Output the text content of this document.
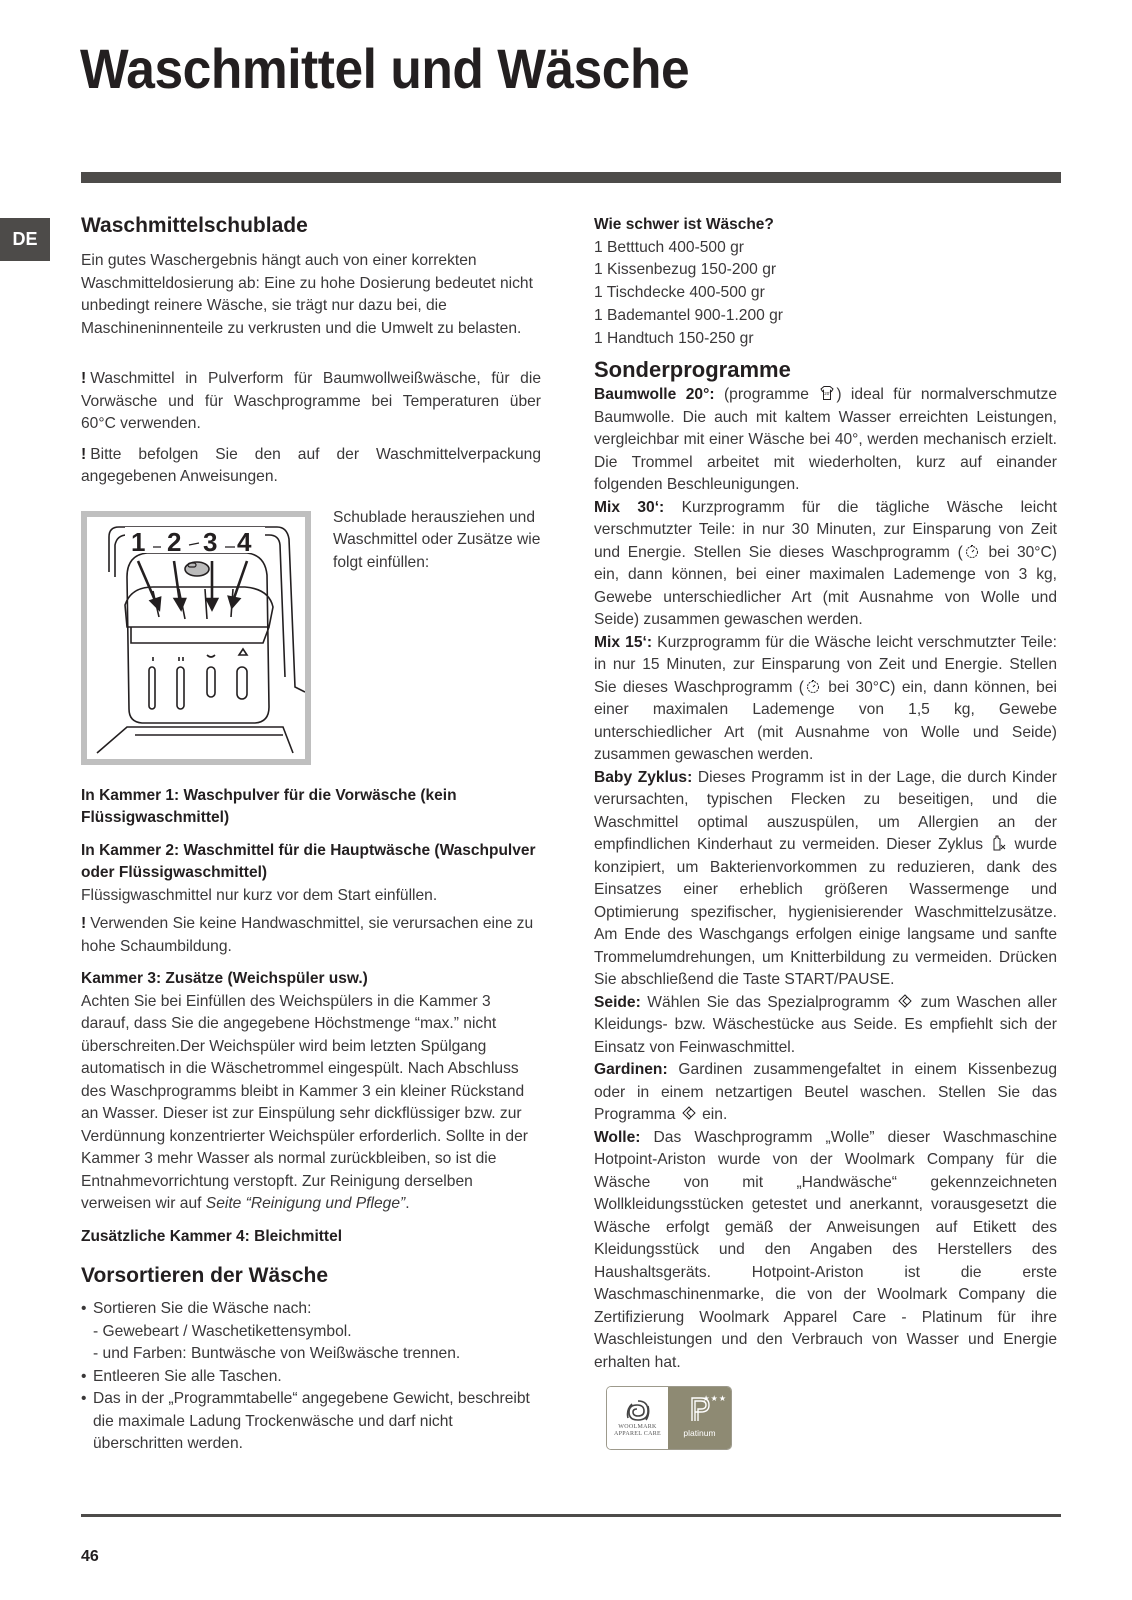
Waschmittel und Wäsche
DE
Waschmittelschublade

Ein gutes Waschergebnis hängt auch von einer korrekten Waschmitteldosierung ab: Eine zu hohe Dosierung bedeutet nicht unbedingt reinere Wäsche, sie trägt nur dazu bei, die Maschineninnenteile zu verkrusten und die Umwelt zu belasten.

! Waschmittel in Pulverform für Baumwollweißwäsche, für die Vorwäsche und für Waschprogramme bei Temperaturen über 60°C verwenden.

! Bitte befolgen Sie den auf der Waschmittelverpackung angegebenen Anweisungen.

1 2 3 4

Schublade herausziehen und Waschmittel oder Zusätze wie folgt einfüllen:

In Kammer 1: Waschpulver für die Vorwäsche (kein Flüssigwaschmittel)
In Kammer 2: Waschmittel für die Hauptwäsche (Waschpulver oder Flüssigwaschmittel)

Flüssigwaschmittel nur kurz vor dem Start einfüllen.

! Verwenden Sie keine Handwaschmittel, sie verursachen eine zu hohe Schaumbildung.

Kammer 3: Zusätze (Weichspüler usw.)

Achten Sie bei Einfüllen des Weichspülers in die Kammer 3 darauf, dass Sie die angegebene Höchstmenge “max.” nicht überschreiten.Der Weichspüler wird beim letzten Spülgang automatisch in die Wäschetrommel eingespült. Nach Abschluss des Waschprogramms bleibt in Kammer 3 ein kleiner Rückstand an Wasser. Dieser ist zur Einspülung sehr dickflüssiger bzw. zur Verdünnung konzentrierter Weichspüler erforderlich. Sollte in der Kammer 3 mehr Wasser als normal zurückbleiben, so ist die Entnahmevorrichtung verstopft. Zur Reinigung derselben verweisen wir auf Seite “Reinigung und Pflege”.

Zusätzliche Kammer 4: Bleichmittel
Vorsortieren der Wäsche
• Sortieren Sie die Wäsche nach:
- Gewebeart / Waschetikettensymbol.
- und Farben: Buntwäsche von Weißwäsche trennen.
• Entleeren Sie alle Taschen.
• Das in der „Programmtabelle“ angegebene Gewicht, beschreibt die maximale Ladung Trockenwäsche und darf nicht überschritten werden.
Wie schwer ist Wäsche?

1 Betttuch 400-500 gr

1 Kissenbezug 150-200 gr

1 Tischdecke 400-500 gr

1 Bademantel 900-1.200 gr

1 Handtuch 150-250 gr

Sonderprogramme

Baumwolle 20°: (programme 20° ) ideal für normalverschmutze Baumwolle. Die auch mit kaltem Wasser erreichten Leistungen, vergleichbar mit einer Wäsche bei 40°, werden mechanisch erzielt. Die Trommel arbeitet mit wiederholten, kurz auf einander folgenden Beschleunigungen.

Mix 30‘: Kurzprogramm für die tägliche Wäsche leicht verschmutzter Teile: in nur 30 Minuten, zur Einsparung von Zeit und Energie. Stellen Sie dieses Waschprogramm ( bei 30°C) ein, dann können, bei einer maximalen Lademenge von 3 kg, Gewebe unterschiedlicher Art (mit Ausnahme von Wolle und Seide) zusammen gewaschen werden.

Mix 15‘: Kurzprogramm für die Wäsche leicht verschmutzter Teile: in nur 15 Minuten, zur Einsparung von Zeit und Energie. Stellen Sie dieses Waschprogramm ( bei 30°C) ein, dann können, bei einer maximalen Lademenge von 1,5 kg, Gewebe unterschiedlicher Art (mit Ausnahme von Wolle und Seide) zusammen gewaschen werden.

Baby Zyklus: Dieses Programm ist in der Lage, die durch Kinder verursachten, typischen Flecken zu beseitigen, und die Waschmittel optimal auszuspülen, um Allergien an der empfindlichen Kinderhaut zu vermeiden. Dieser Zyklus  wurde konzipiert, um Bakterienvorkommen zu reduzieren, dank des Einsatzes einer erheblich größeren Wassermenge und Optimierung spezifischer, hygienisierender Waschmittelzusätze. Am Ende des Waschgangs erfolgen einige langsame und sanfte Trommelumdrehungen, um Knitterbildung zu vermeiden. Drücken Sie abschließend die Taste START/PAUSE.

Seide: Wählen Sie das Spezialprogramm  zum Waschen aller Kleidungs- bzw. Wäschestücke aus Seide. Es empfiehlt sich der Einsatz von Feinwaschmittel.

Gardinen: Gardinen zusammengefaltet in einem Kissenbezug oder in einem netzartigen Beutel waschen. Stellen Sie das Programma  ein.

Wolle: Das Waschprogramm „Wolle” dieser Waschmaschine Hotpoint-Ariston wurde von der Woolmark Company für die Wäsche von mit „Handwäsche“ gekennzeichneten Wollkleidungsstücken getestet und anerkannt, vorausgesetzt die Wäsche erfolgt gemäß der Anweisungen auf Etikett des Kleidungsstück und den Angaben des Herstellers des Haushaltsgeräts. Hotpoint-Ariston ist die erste Waschmaschinenmarke, die von der Woolmark Company die Zertifizierung Woolmark Apparel Care - Platinum für ihre Waschleistungen und den Verbrauch von Wasser und Energie erhalten hat.

WOOLMARK
APPAREL CARE
★★★
platinum
46
